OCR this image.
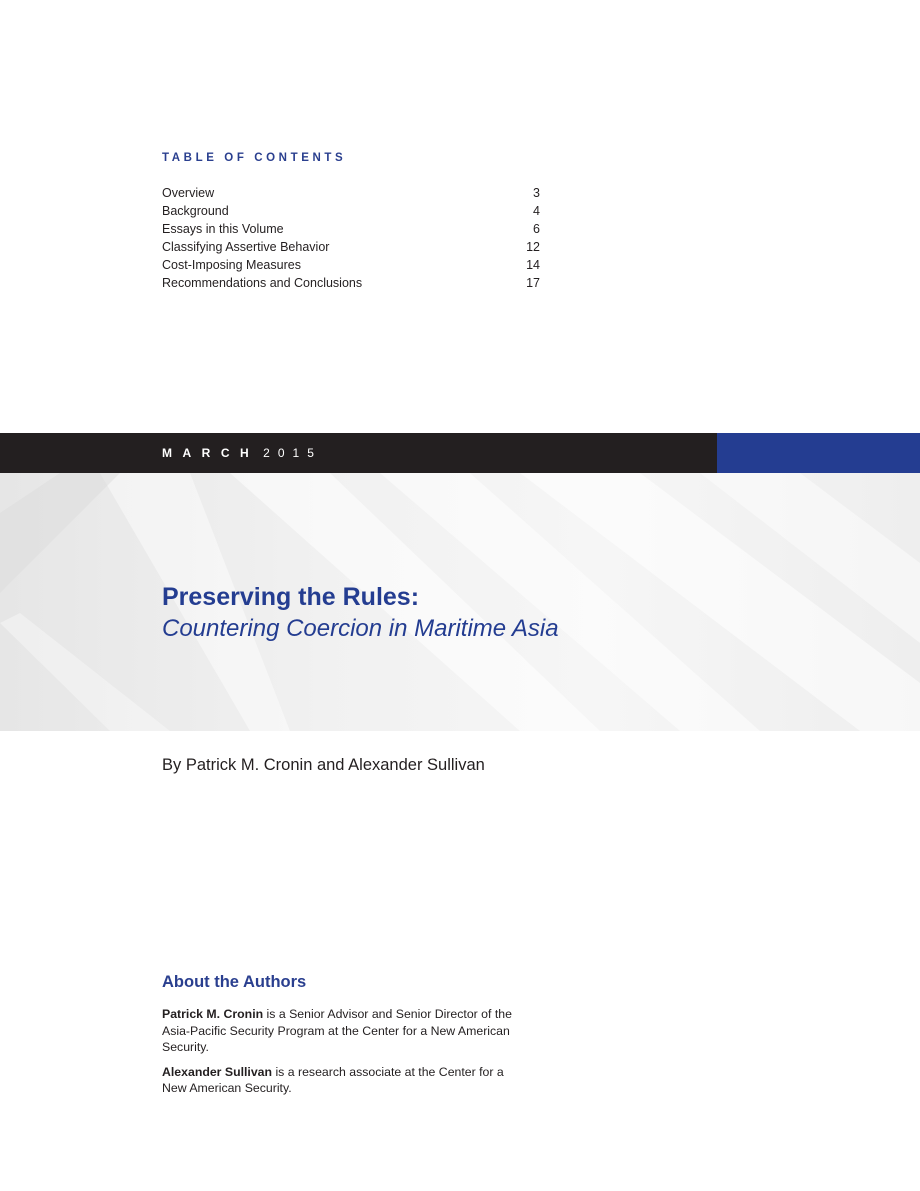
TABLE OF CONTENTS
Overview	3
Background	4
Essays in this Volume	6
Classifying Assertive Behavior	12
Cost-Imposing Measures	14
Recommendations and Conclusions	17
MARCH 2015
Preserving the Rules:
Countering Coercion in Maritime Asia
By Patrick M. Cronin and Alexander Sullivan
About the Authors

Patrick M. Cronin is a Senior Advisor and Senior Director of the Asia-Pacific Security Program at the Center for a New American Security.

Alexander Sullivan is a research associate at the Center for a New American Security.
